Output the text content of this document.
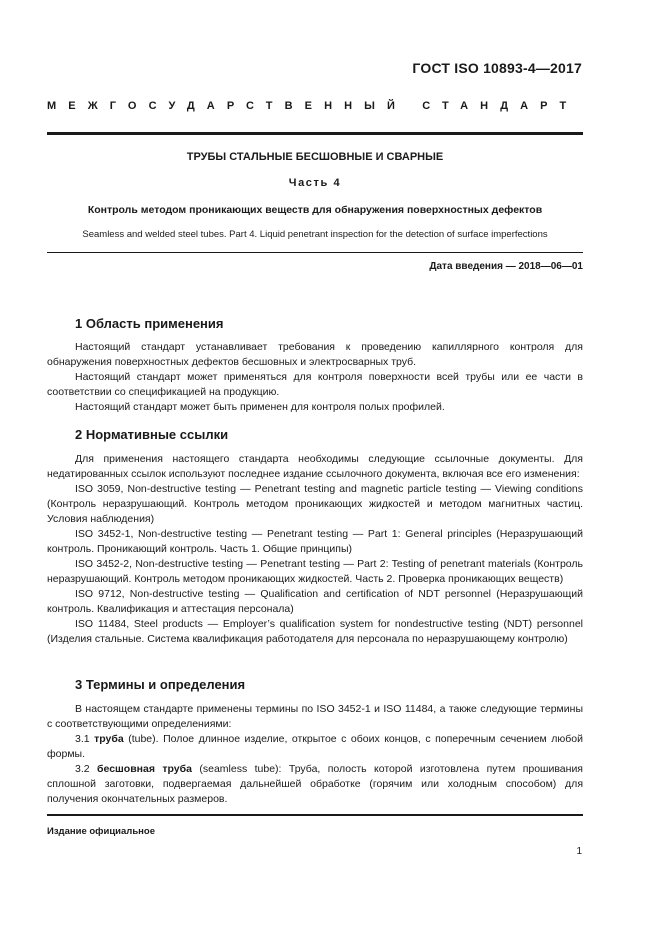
ГОСТ ISO 10893-4—2017
МЕЖГОСУДАРСТВЕННЫЙ СТАНДАРТ
ТРУБЫ СТАЛЬНЫЕ БЕСШОВНЫЕ И СВАРНЫЕ
Часть 4
Контроль методом проникающих веществ для обнаружения поверхностных дефектов
Seamless and welded steel tubes. Part 4. Liquid penetrant inspection for the detection of surface imperfections
Дата введения — 2018—06—01
1 Область применения

Настоящий стандарт устанавливает требования к проведению капиллярного контроля для обнаружения поверхностных дефектов бесшовных и электросварных труб.

Настоящий стандарт может применяться для контроля поверхности всей трубы или ее части в соответствии со спецификацией на продукцию.

Настоящий стандарт может быть применен для контроля полых профилей.

2 Нормативные ссылки

Для применения настоящего стандарта необходимы следующие ссылочные документы. Для недатированных ссылок используют последнее издание ссылочного документа, включая все его изменения:

ISO 3059, Non-destructive testing — Penetrant testing and magnetic particle testing — Viewing conditions (Контроль неразрушающий. Контроль методом проникающих жидкостей и методом магнитных частиц. Условия наблюдения)

ISO 3452-1, Non-destructive testing — Penetrant testing — Part 1: General principles (Неразрушающий контроль. Проникающий контроль. Часть 1. Общие принципы)

ISO 3452-2, Non-destructive testing — Penetrant testing — Part 2: Testing of penetrant materials (Контроль неразрушающий. Контроль методом проникающих жидкостей. Часть 2. Проверка проникающих веществ)

ISO 9712, Non-destructive testing — Qualification and certification of NDT personnel (Неразрушающий контроль. Квалификация и аттестация персонала)

ISO 11484, Steel products — Employer’s qualification system for nondestructive testing (NDT) personnel (Изделия стальные. Система квалификация работодателя для персонала по неразрушающему контролю)

3 Термины и определения

В настоящем стандарте применены термины по ISO 3452-1 и ISO 11484, а также следующие термины с соответствующими определениями:

3.1 труба (tube). Полое длинное изделие, открытое с обоих концов, с поперечным сечением любой формы.

3.2 бесшовная труба (seamless tube): Труба, полость которой изготовлена путем прошивания сплошной заготовки, подвергаемая дальнейшей обработке (горячим или холодным способом) для получения окончательных размеров.

Издание официальное
1
